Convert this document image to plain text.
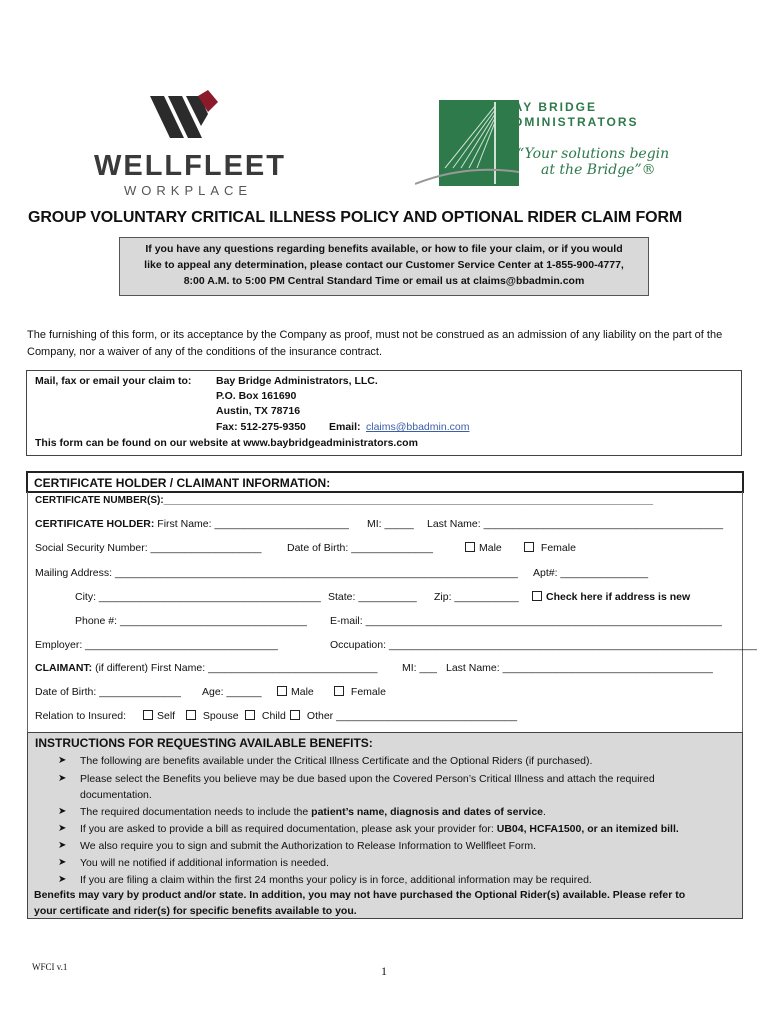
WELLFLEET
WORKPLACE
BAY BRIDGE
ADMINISTRATORS
“Your solutions begin
at the Bridge”®
GROUP VOLUNTARY CRITICAL ILLNESS POLICY AND OPTIONAL RIDER CLAIM FORM
If you have any questions regarding benefits available, or how to file your claim, or if you would
like to appeal any determination, please contact our Customer Service Center at 1-855-900-4777,
8:00 A.M. to 5:00 PM Central Standard Time or email us at claims@bbadmin.com
The furnishing of this form, or its acceptance by the Company as proof, must not be construed as an admission of any liability on the part of the Company, nor a waiver of any of the conditions of the insurance contract.
Mail, fax or email your claim to: Bay Bridge Administrators, LLC.
P.O. Box 161690
Austin, TX 78716
Fax: 512-275-9350 Email: claims@bbadmin.com
This form can be found on our website at www.baybridgeadministrators.com
CERTIFICATE HOLDER / CLAIMANT INFORMATION:
CERTIFICATE NUMBER(S):________________________________________________________________________________________
CERTIFICATE HOLDER: First Name: _______________________ MI: _____ Last Name: _________________________________________
Social Security Number: ___________________ Date of Birth: ______________	Male	Female
Mailing Address: _____________________________________________________________________ Apt#: _______________
City: ______________________________________ State: __________ Zip: ___________	Check here if address is new
Phone #: ________________________________ E-mail: _____________________________________________________________
Employer: _________________________________	Occupation: _______________________________________________________________
CLAIMANT: (if different) First Name: _____________________________ MI: ___ Last Name: ____________________________________
Date of Birth: ______________ Age: ______	Male	Female
Relation to Insured:	Self	Spouse	Child	Other _______________________________
INSTRUCTIONS FOR REQUESTING AVAILABLE BENEFITS:
➤ The following are benefits available under the Critical Illness Certificate and the Optional Riders (if purchased).
➤ Please select the Benefits you believe may be due based upon the Covered Person’s Critical Illness and attach the required
documentation.
➤ The required documentation needs to include the patient’s name, diagnosis and dates of service.
➤ If you are asked to provide a bill as required documentation, please ask your provider for: UB04, HCFA1500, or an itemized bill.
➤ We also require you to sign and submit the Authorization to Release Information to Wellfleet Form.
➤ You will ne notified if additional information is needed.
➤ If you are filing a claim within the first 24 months your policy is in force, additional information may be required.
Benefits may vary by product and/or state. In addition, you may not have purchased the Optional Rider(s) available. Please refer to
your certificate and rider(s) for specific benefits available to you.
WFCI v.1	1
